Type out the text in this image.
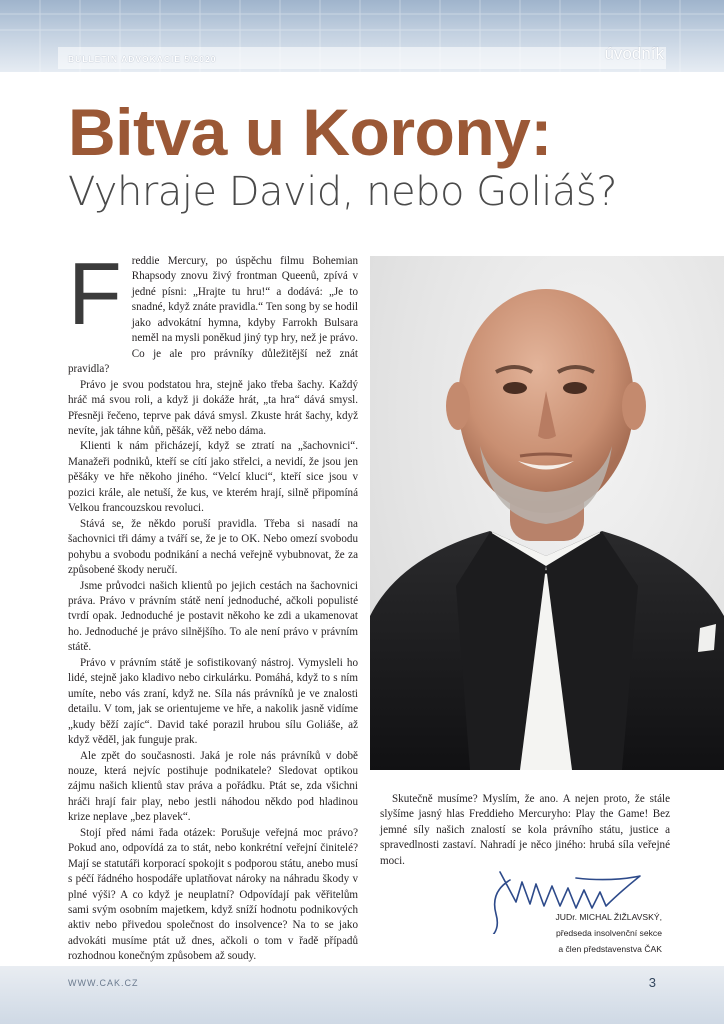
BULLETIN ADVOKACIE 5/2020	úvodník
Bitva u Korony:
Vyhraje David, nebo Goliáš?
F reddie Mercury, po úspěchu filmu Bohemian Rhapsody znovu živý frontman Queenů, zpívá v jedné písni: „Hrajte tu hru!“ a dodává: „Je to snadné, když znáte pravidla.“ Ten song by se hodil jako advokátní hymna, kdyby Farrokh Bulsara neměl na mysli poněkud jiný typ hry, než je právo. Co je ale pro právníky důležitější než znát pravidla?

Právo je svou podstatou hra, stejně jako třeba šachy. Každý hráč má svou roli, a když ji dokáže hrát, „ta hra“ dává smysl. Přesněji řečeno, teprve pak dává smysl. Zkuste hrát šachy, když nevíte, jak táhne kůň, pěšák, věž nebo dáma.

Klienti k nám přicházejí, když se ztratí na „šachovnici“. Manažeři podniků, kteří se cítí jako střelci, a nevidí, že jsou jen pěšáky ve hře někoho jiného. “Velcí kluci“, kteří sice jsou v pozici krále, ale netuší, že kus, ve kterém hrají, silně připomíná Velkou francouzskou revoluci.

Stává se, že někdo poruší pravidla. Třeba si nasadí na šachovnici tři dámy a tváří se, že je to OK. Nebo omezí svobodu pohybu a svobodu podnikání a nechá veřejně vybubnovat, že za způsobené škody neručí.

Jsme průvodci našich klientů po jejich cestách na šachovnici práva. Právo v právním státě není jednoduché, ačkoli populisté tvrdí opak. Jednoduché je postavit někoho ke zdi a ukamenovat ho. Jednoduché je právo silnějšího. To ale není právo v právním státě.

Právo v právním státě je sofistikovaný nástroj. Vymysleli ho lidé, stejně jako kladivo nebo cirkulárku. Pomáhá, když to s ním umíte, nebo vás zraní, když ne. Síla nás právníků je ve znalosti detailu. V tom, jak se orientujeme ve hře, a nakolik jasně vidíme „kudy běží zajíc“. David také porazil hrubou sílu Goliáše, až když věděl, jak funguje prak.

Ale zpět do současnosti. Jaká je role nás právníků v době nouze, která nejvíc postihuje podnikatele? Sledovat optikou zájmu našich klientů stav práva a pořádku. Ptát se, zda všichni hráči hrají fair play, nebo jestli náhodou někdo pod hladinou krize neplave „bez plavek“.

Stojí před námi řada otázek: Porušuje veřejná moc právo? Pokud ano, odpovídá za to stát, nebo konkrétní veřejní činitelé? Mají se statutáři korporací spokojit s podporou státu, anebo musí s péčí řádného hospodáře uplatňovat nároky na náhradu škody v plné výši? A co když je neuplatní? Odpovídají pak věřitelům sami svým osobním majetkem, když sníží hodnotu podnikových aktiv nebo přivedou společnost do insolvence? Na to se jako advokáti musíme ptát už dnes, ačkoli o tom v řadě případů rozhodnou konečným způsobem až soudy.

Skutečně musíme? Myslím, že ano. A nejen proto, že stále slyšíme jasný hlas Freddieho Mercuryho: Play the Game! Bez jemné síly našich znalostí se kola právního státu, justice a spravedlnosti zastaví. Nahradí je něco jiného: hrubá síla veřejné moci.

JUDr. MICHAL ŽIŽLAVSKÝ,
předseda insolvenční sekce
a člen představenstva ČAK
WWW.CAK.CZ	3
